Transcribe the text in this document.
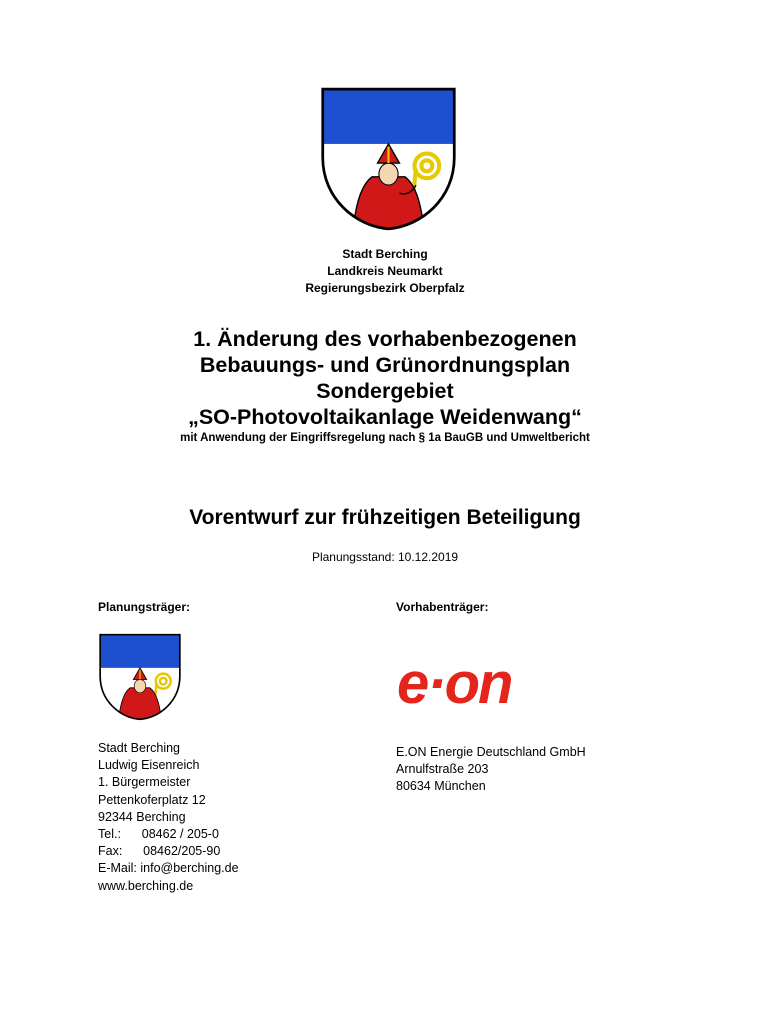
Stadt Berching
Landkreis Neumarkt
Regierungsbezirk Oberpfalz
1. Änderung des vorhabenbezogenen
Bebauungs- und Grünordnungsplan
Sondergebiet
„SO-Photovoltaikanlage Weidenwang“
mit Anwendung der Eingriffsregelung nach § 1a BauGB und Umweltbericht
Vorentwurf zur frühzeitigen Beteiligung
Planungsstand: 10.12.2019
Planungsträger:	Vorhabenträger:
e·on
Stadt Berching
Ludwig Eisenreich
1. Bürgermeister
Pettenkoferplatz 12
92344 Berching
Tel.:      08462 / 205-0
Fax:      08462/205-90
E-Mail: info@berching.de
www.berching.de
E.ON Energie Deutschland GmbH
Arnulfstraße 203
80634 München
